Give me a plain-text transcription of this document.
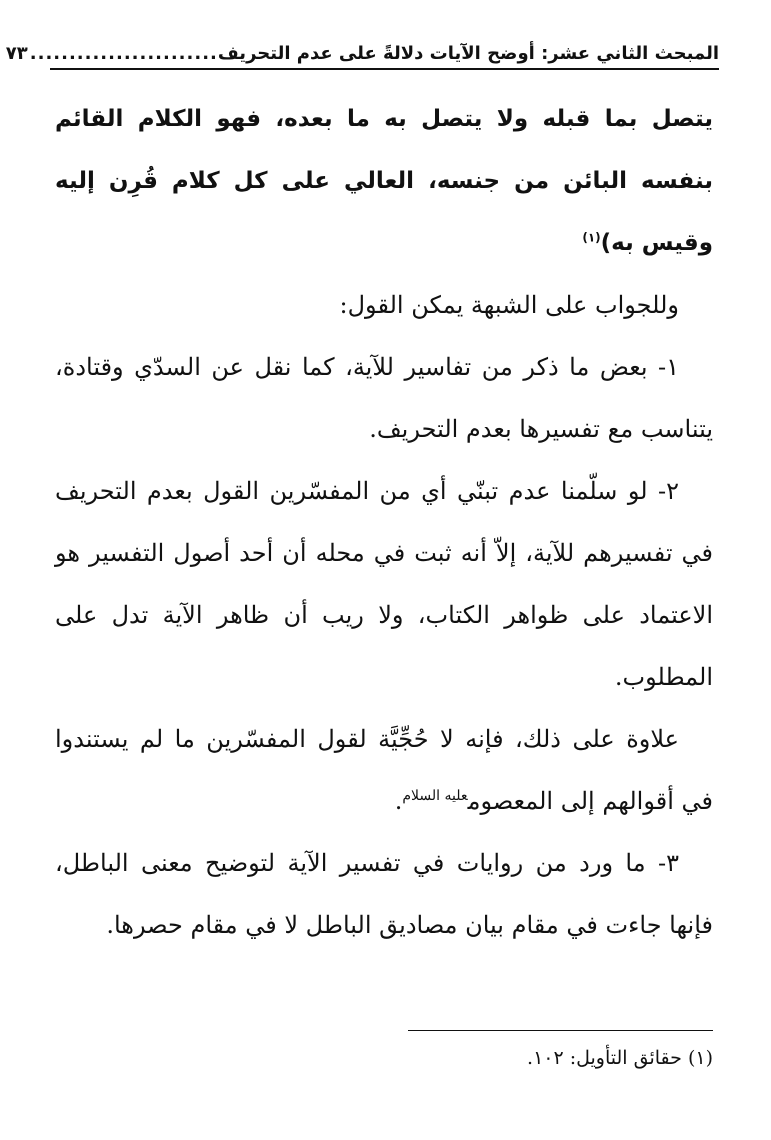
المبحث الثاني عشر: أوضح الآيات دلالةً على عدم التحريف
........................
٧٣

يتصل بما قبله ولا يتصل به ما بعده، فهو الكلام القائم بنفسه البائن من جنسه، العالي على كل كلام قُرِن إليه وقيس به)$^{(١)}$

وللجواب على الشبهة يمكن القول:

١- بعض ما ذكر من تفاسير للآية، كما نقل عن السدّي وقتادة، يتناسب مع تفسيرها بعدم التحريف.

٢- لو سلّمنا عدم تبنّي أي من المفسّرين القول بعدم التحريف في تفسيرهم للآية، إلاّ أنه ثبت في محله أن أحد أصول التفسير هو الاعتماد على ظواهر الكتاب، ولا ريب أن ظاهر الآية تدل على المطلوب.

علاوة على ذلك، فإنه لا حُجِّيَّة لقول المفسّرين ما لم يستندوا في أقوالهم إلى المعصوم$^{عليه السلام}$.

٣- ما ورد من روايات في تفسير الآية لتوضيح معنى الباطل، فإنها جاءت في مقام بيان مصاديق الباطل لا في مقام حصرها.

(١) حقائق التأويل: ١٠٢.
